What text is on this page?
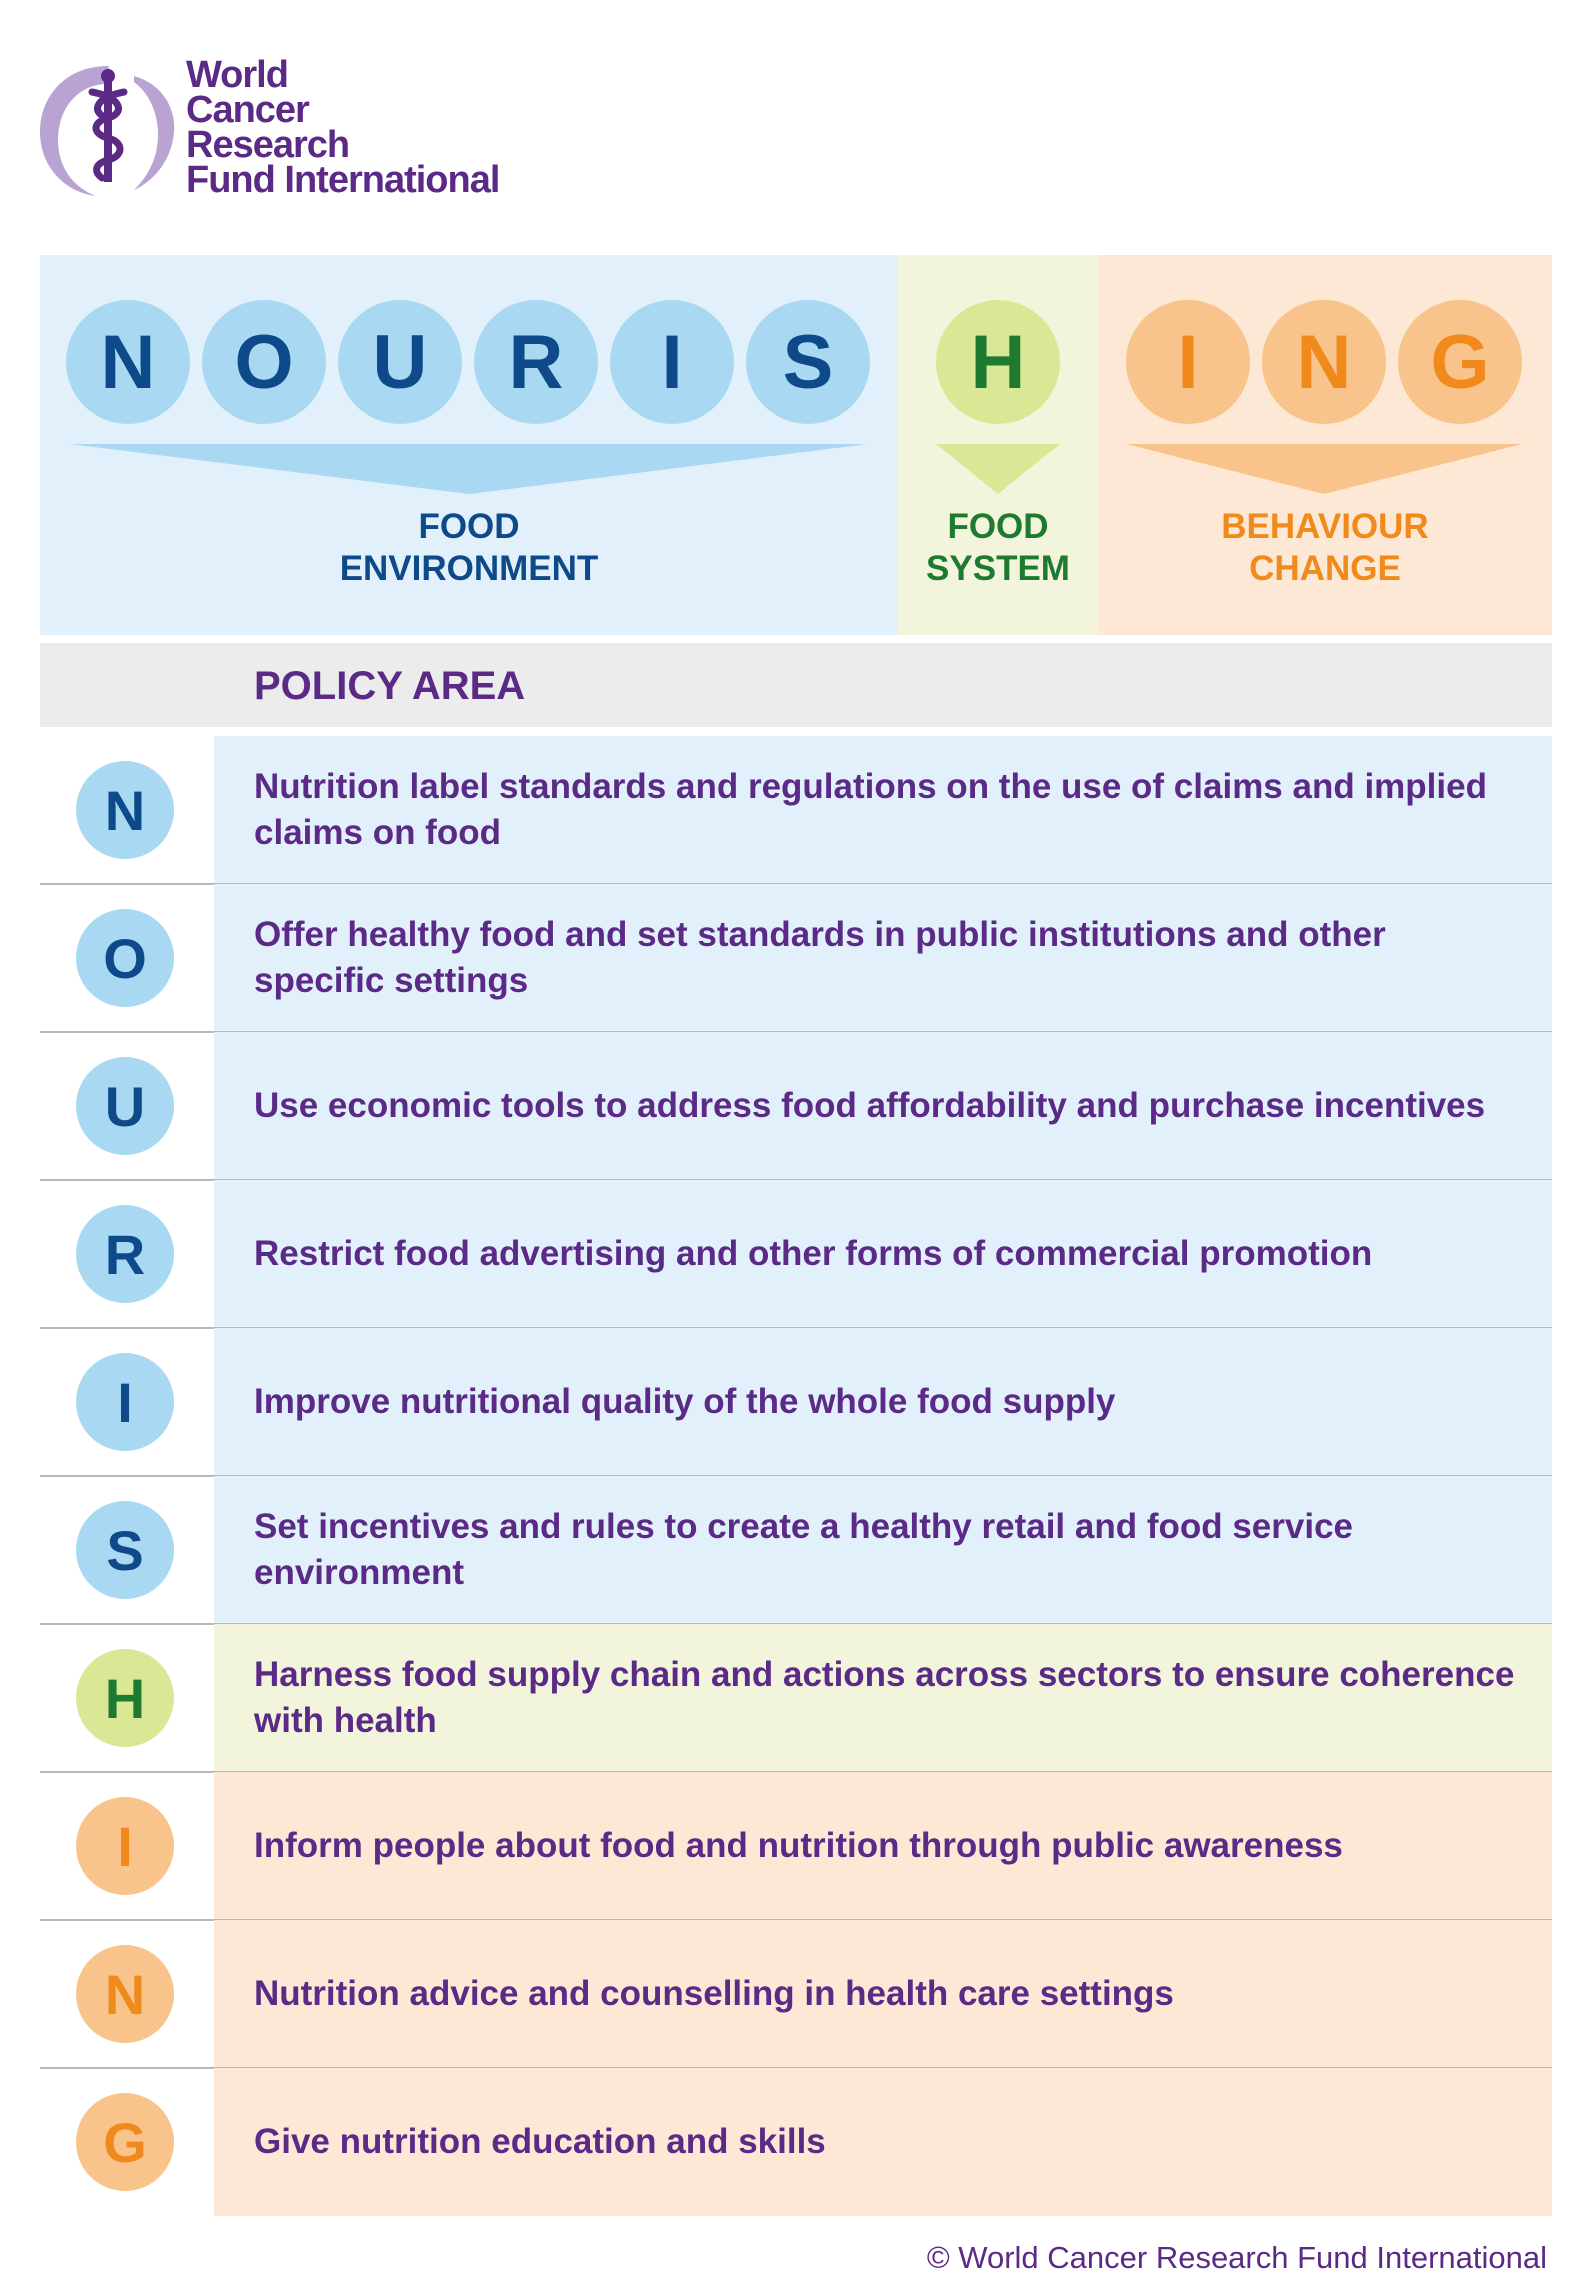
World
Cancer
Research
Fund International
N	O	U	R	I	S	H	I	N	G
FOOD
ENVIRONMENT
FOOD
SYSTEM
BEHAVIOUR
CHANGE
POLICY AREA
N	Nutrition label standards and regulations on the use of claims and implied claims on food
O	Offer healthy food and set standards in public institutions and other specific settings
U	Use economic tools to address food affordability and purchase incentives
R	Restrict food advertising and other forms of commercial promotion
I	Improve nutritional quality of the whole food supply
S	Set incentives and rules to create a healthy retail and food service environment
H	Harness food supply chain and actions across sectors to ensure coherence with health
I	Inform people about food and nutrition through public awareness
N	Nutrition advice and counselling in health care settings
G	Give nutrition education and skills
© World Cancer Research Fund International
